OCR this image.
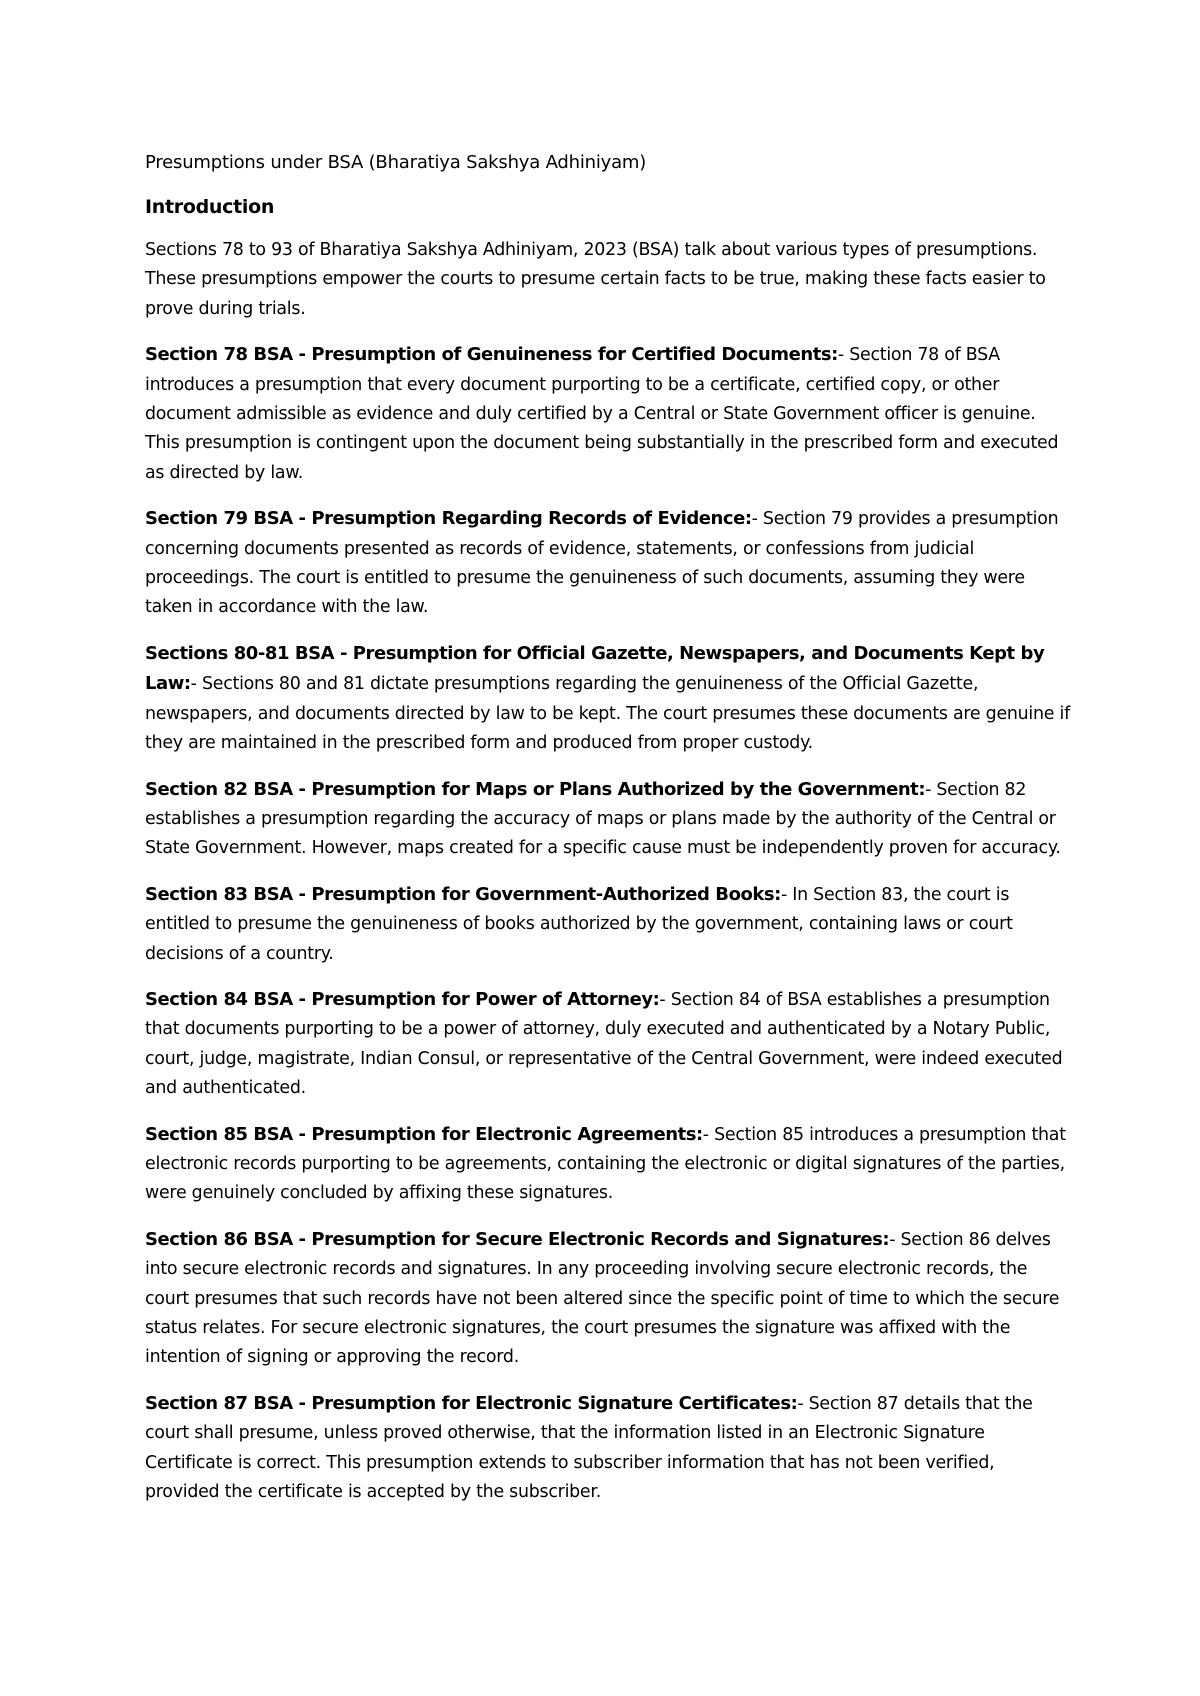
Presumptions under BSA (Bharatiya Sakshya Adhiniyam)

Introduction

Sections 78 to 93 of Bharatiya Sakshya Adhiniyam, 2023 (BSA) talk about various types of presumptions. These presumptions empower the courts to presume certain facts to be true, making these facts easier to prove during trials.

Section 78 BSA - Presumption of Genuineness for Certified Documents:- Section 78 of BSA introduces a presumption that every document purporting to be a certificate, certified copy, or other document admissible as evidence and duly certified by a Central or State Government officer is genuine. This presumption is contingent upon the document being substantially in the prescribed form and executed as directed by law.

Section 79 BSA - Presumption Regarding Records of Evidence:- Section 79 provides a presumption concerning documents presented as records of evidence, statements, or confessions from judicial proceedings. The court is entitled to presume the genuineness of such documents, assuming they were taken in accordance with the law.

Sections 80-81 BSA - Presumption for Official Gazette, Newspapers, and Documents Kept by Law:- Sections 80 and 81 dictate presumptions regarding the genuineness of the Official Gazette, newspapers, and documents directed by law to be kept. The court presumes these documents are genuine if they are maintained in the prescribed form and produced from proper custody.

Section 82 BSA - Presumption for Maps or Plans Authorized by the Government:- Section 82 establishes a presumption regarding the accuracy of maps or plans made by the authority of the Central or State Government. However, maps created for a specific cause must be independently proven for accuracy.

Section 83 BSA - Presumption for Government-Authorized Books:- In Section 83, the court is entitled to presume the genuineness of books authorized by the government, containing laws or court decisions of a country.

Section 84 BSA - Presumption for Power of Attorney:- Section 84 of BSA establishes a presumption that documents purporting to be a power of attorney, duly executed and authenticated by a Notary Public, court, judge, magistrate, Indian Consul, or representative of the Central Government, were indeed executed and authenticated.

Section 85 BSA - Presumption for Electronic Agreements:- Section 85 introduces a presumption that electronic records purporting to be agreements, containing the electronic or digital signatures of the parties, were genuinely concluded by affixing these signatures.

Section 86 BSA - Presumption for Secure Electronic Records and Signatures:- Section 86 delves into secure electronic records and signatures. In any proceeding involving secure electronic records, the court presumes that such records have not been altered since the specific point of time to which the secure status relates. For secure electronic signatures, the court presumes the signature was affixed with the intention of signing or approving the record.

Section 87 BSA - Presumption for Electronic Signature Certificates:- Section 87 details that the court shall presume, unless proved otherwise, that the information listed in an Electronic Signature Certificate is correct. This presumption extends to subscriber information that has not been verified, provided the certificate is accepted by the subscriber.
